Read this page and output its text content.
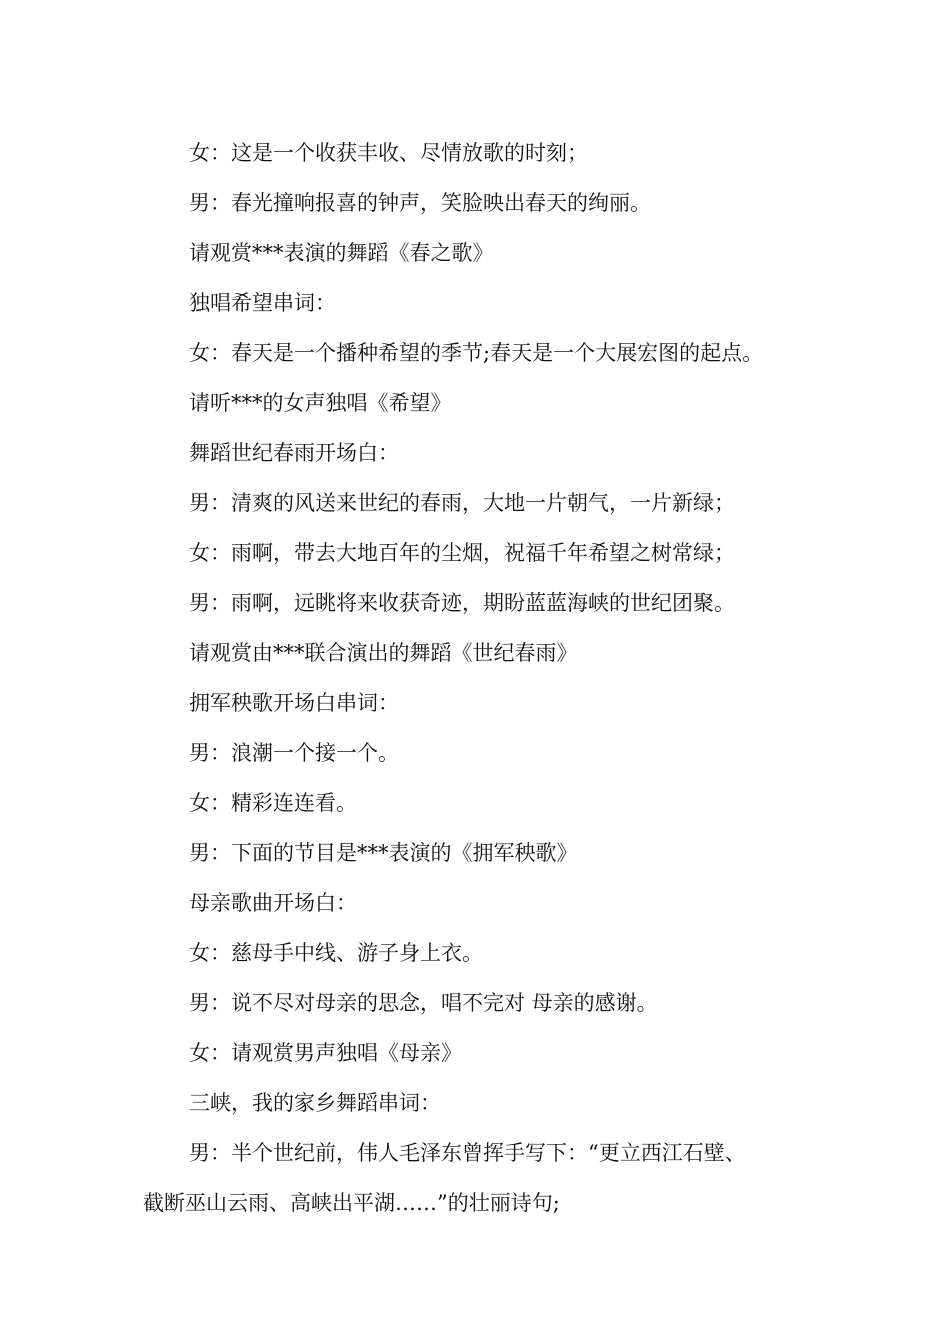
女：这是一个收获丰收、尽情放歌的时刻；
男：春光撞响报喜的钟声，笑脸映出春天的绚丽。
请观赏***表演的舞蹈《春之歌》
独唱希望串词：
女：春天是一个播种希望的季节;春天是一个大展宏图的起点。
请听***的女声独唱《希望》
舞蹈世纪春雨开场白：
男：清爽的风送来世纪的春雨，大地一片朝气，一片新绿；
女：雨啊，带去大地百年的尘烟，祝福千年希望之树常绿；
男：雨啊，远眺将来收获奇迹，期盼蓝蓝海峡的世纪团聚。
请观赏由***联合演出的舞蹈《世纪春雨》
拥军秧歌开场白串词：
男：浪潮一个接一个。
女：精彩连连看。
男：下面的节目是***表演的《拥军秧歌》
母亲歌曲开场白：
女：慈母手中线、游子身上衣。
男：说不尽对母亲的思念，唱不完对 母亲的感谢。
女：请观赏男声独唱《母亲》
三峡，我的家乡舞蹈串词：
男：半个世纪前，伟人毛泽东曾挥手写下：“更立西江石壁、
截断巫山云雨、高峡出平湖……”的壮丽诗句;
